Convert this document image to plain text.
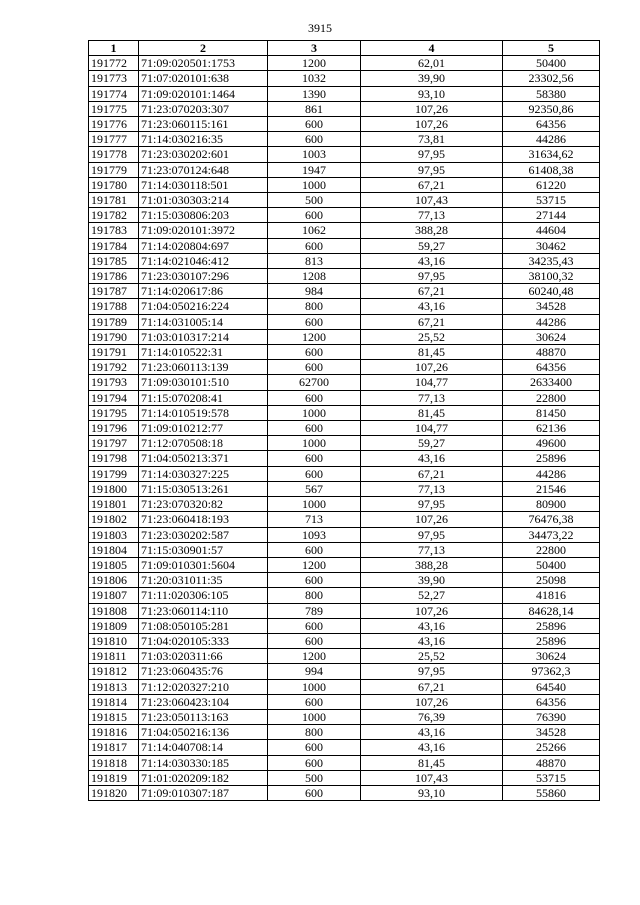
3915
1	2	3	4	5
191772	71:09:020501:1753	1200	62,01	50400
191773	71:07:020101:638	1032	39,90	23302,56
191774	71:09:020101:1464	1390	93,10	58380
191775	71:23:070203:307	861	107,26	92350,86
191776	71:23:060115:161	600	107,26	64356
191777	71:14:030216:35	600	73,81	44286
191778	71:23:030202:601	1003	97,95	31634,62
191779	71:23:070124:648	1947	97,95	61408,38
191780	71:14:030118:501	1000	67,21	61220
191781	71:01:030303:214	500	107,43	53715
191782	71:15:030806:203	600	77,13	27144
191783	71:09:020101:3972	1062	388,28	44604
191784	71:14:020804:697	600	59,27	30462
191785	71:14:021046:412	813	43,16	34235,43
191786	71:23:030107:296	1208	97,95	38100,32
191787	71:14:020617:86	984	67,21	60240,48
191788	71:04:050216:224	800	43,16	34528
191789	71:14:031005:14	600	67,21	44286
191790	71:03:010317:214	1200	25,52	30624
191791	71:14:010522:31	600	81,45	48870
191792	71:23:060113:139	600	107,26	64356
191793	71:09:030101:510	62700	104,77	2633400
191794	71:15:070208:41	600	77,13	22800
191795	71:14:010519:578	1000	81,45	81450
191796	71:09:010212:77	600	104,77	62136
191797	71:12:070508:18	1000	59,27	49600
191798	71:04:050213:371	600	43,16	25896
191799	71:14:030327:225	600	67,21	44286
191800	71:15:030513:261	567	77,13	21546
191801	71:23:070320:82	1000	97,95	80900
191802	71:23:060418:193	713	107,26	76476,38
191803	71:23:030202:587	1093	97,95	34473,22
191804	71:15:030901:57	600	77,13	22800
191805	71:09:010301:5604	1200	388,28	50400
191806	71:20:031011:35	600	39,90	25098
191807	71:11:020306:105	800	52,27	41816
191808	71:23:060114:110	789	107,26	84628,14
191809	71:08:050105:281	600	43,16	25896
191810	71:04:020105:333	600	43,16	25896
191811	71:03:020311:66	1200	25,52	30624
191812	71:23:060435:76	994	97,95	97362,3
191813	71:12:020327:210	1000	67,21	64540
191814	71:23:060423:104	600	107,26	64356
191815	71:23:050113:163	1000	76,39	76390
191816	71:04:050216:136	800	43,16	34528
191817	71:14:040708:14	600	43,16	25266
191818	71:14:030330:185	600	81,45	48870
191819	71:01:020209:182	500	107,43	53715
191820	71:09:010307:187	600	93,10	55860
